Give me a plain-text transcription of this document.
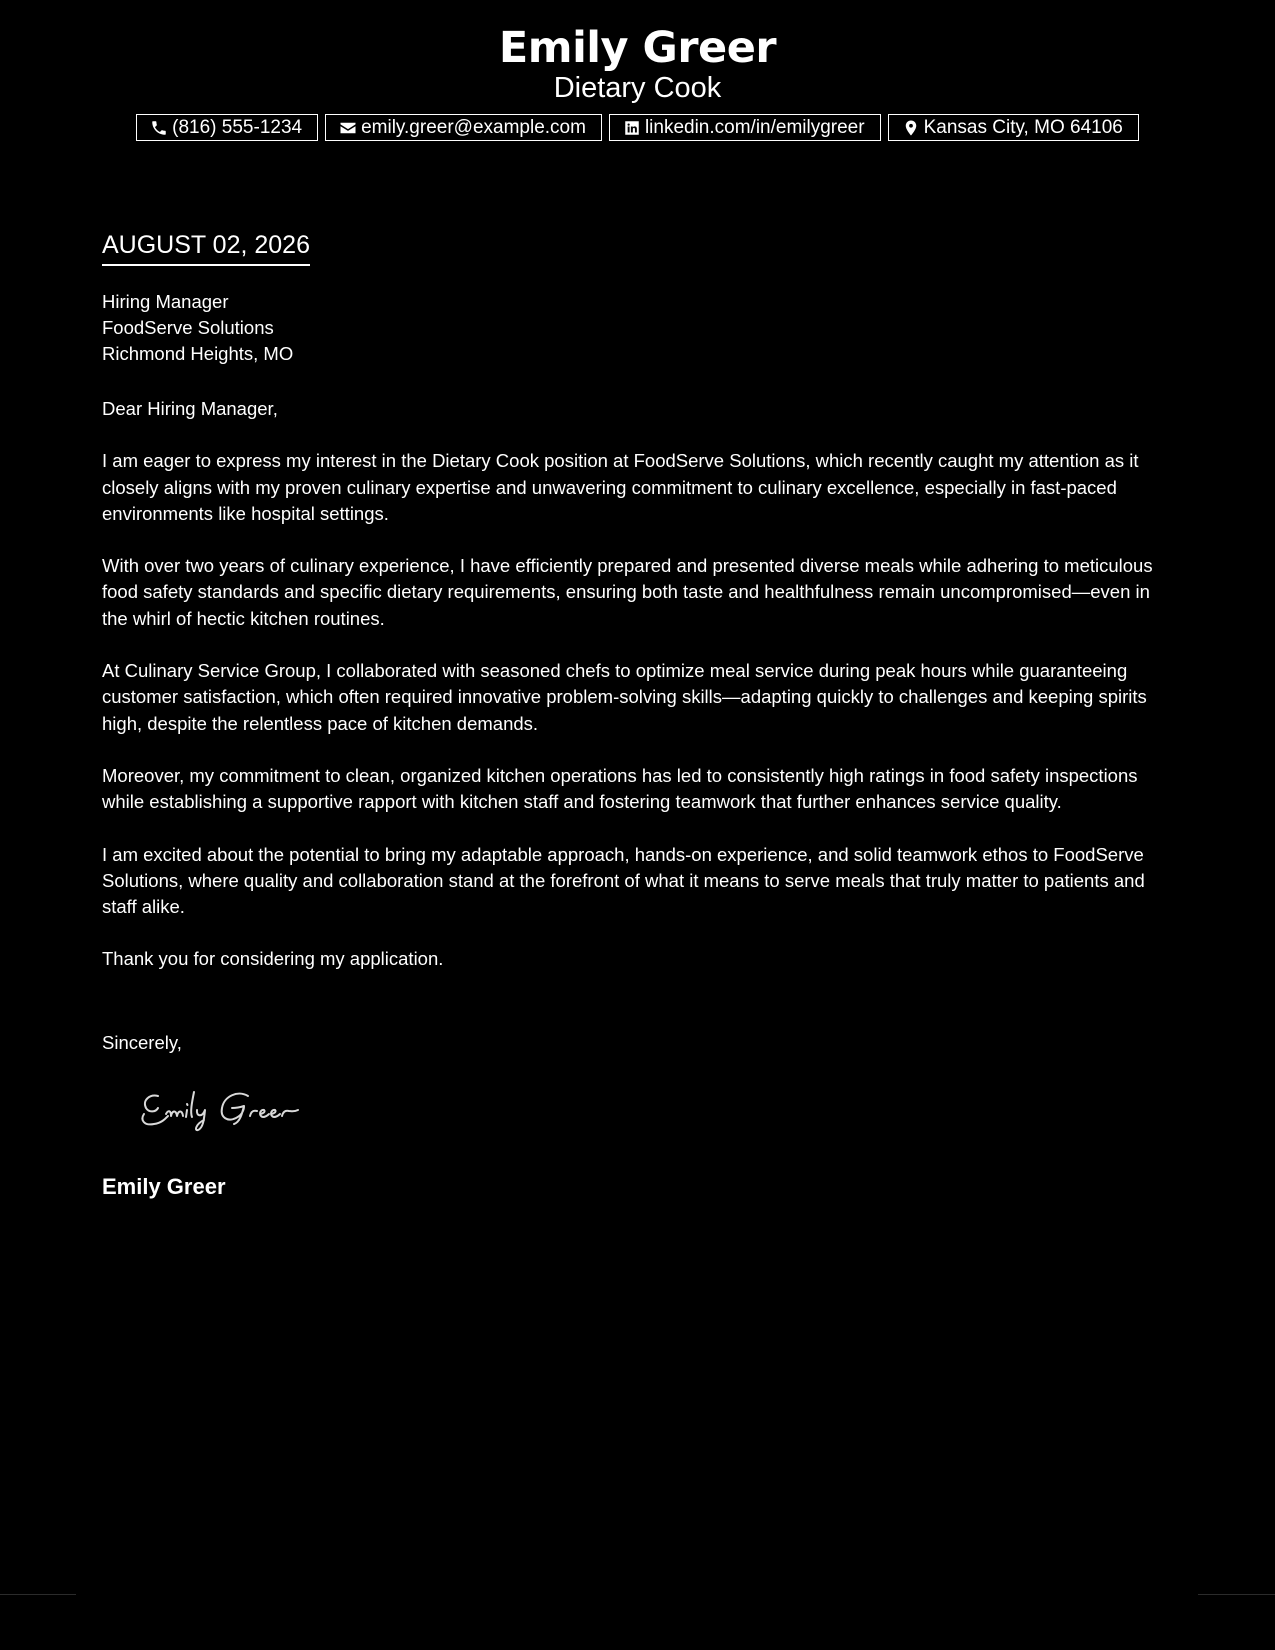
Emily Greer
Dietary Cook
(816) 555-1234	emily.greer@example.com	linkedin.com/in/emilygreer	Kansas City, MO 64106
AUGUST 02, 2026
Hiring Manager
FoodServe Solutions
Richmond Heights, MO

Dear Hiring Manager,

I am eager to express my interest in the Dietary Cook position at FoodServe Solutions, which recently caught my attention as it closely aligns with my proven culinary expertise and unwavering commitment to culinary excellence, especially in fast-paced environments like hospital settings.

With over two years of culinary experience, I have efficiently prepared and presented diverse meals while adhering to meticulous food safety standards and specific dietary requirements, ensuring both taste and healthfulness remain uncompromised—even in the whirl of hectic kitchen routines.

At Culinary Service Group, I collaborated with seasoned chefs to optimize meal service during peak hours while guaranteeing customer satisfaction, which often required innovative problem-solving skills—adapting quickly to challenges and keeping spirits high, despite the relentless pace of kitchen demands.

Moreover, my commitment to clean, organized kitchen operations has led to consistently high ratings in food safety inspections while establishing a supportive rapport with kitchen staff and fostering teamwork that further enhances service quality.

I am excited about the potential to bring my adaptable approach, hands-on experience, and solid teamwork ethos to FoodServe Solutions, where quality and collaboration stand at the forefront of what it means to serve meals that truly matter to patients and staff alike.

Thank you for considering my application.

Sincerely,
Emily Greer
